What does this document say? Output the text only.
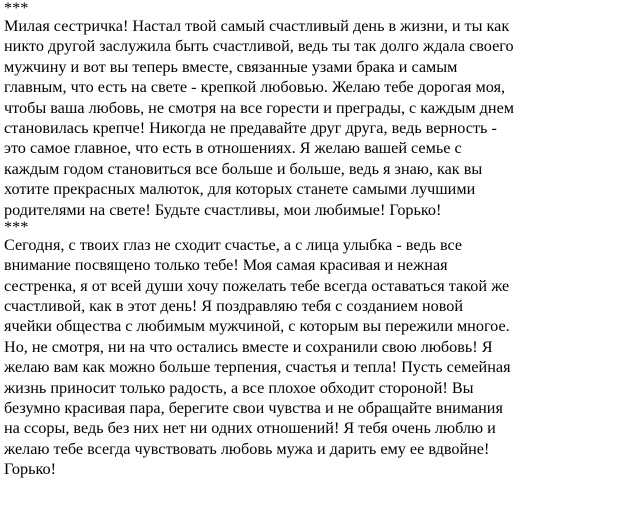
***
Милая сестричка! Настал твой самый счастливый день в жизни, и ты как
никто другой заслужила быть счастливой, ведь ты так долго ждала своего
мужчину и вот вы теперь вместе, связанные узами брака и самым
главным, что есть на свете - крепкой любовью. Желаю тебе дорогая моя,
чтобы ваша любовь, не смотря на все горести и преграды, с каждым днем
становилась крепче! Никогда не предавайте друг друга, ведь верность -
это самое главное, что есть в отношениях. Я желаю вашей семье с
каждым годом становиться все больше и больше, ведь я знаю, как вы
хотите прекрасных малюток, для которых станете самыми лучшими
родителями на свете! Будьте счастливы, мои любимые! Горько!
***
Сегодня, с твоих глаз не сходит счастье, а с лица улыбка - ведь все
внимание посвящено только тебе! Моя самая красивая и нежная
сестренка, я от всей души хочу пожелать тебе всегда оставаться такой же
счастливой, как в этот день! Я поздравляю тебя с созданием новой
ячейки общества с любимым мужчиной, с которым вы пережили многое.
Но, не смотря, ни на что остались вместе и сохранили свою любовь! Я
желаю вам как можно больше терпения, счастья и тепла! Пусть семейная
жизнь приносит только радость, а все плохое обходит стороной! Вы
безумно красивая пара, берегите свои чувства и не обращайте внимания
на ссоры, ведь без них нет ни одних отношений! Я тебя очень люблю и
желаю тебе всегда чувствовать любовь мужа и дарить ему ее вдвойне!
Горько!
